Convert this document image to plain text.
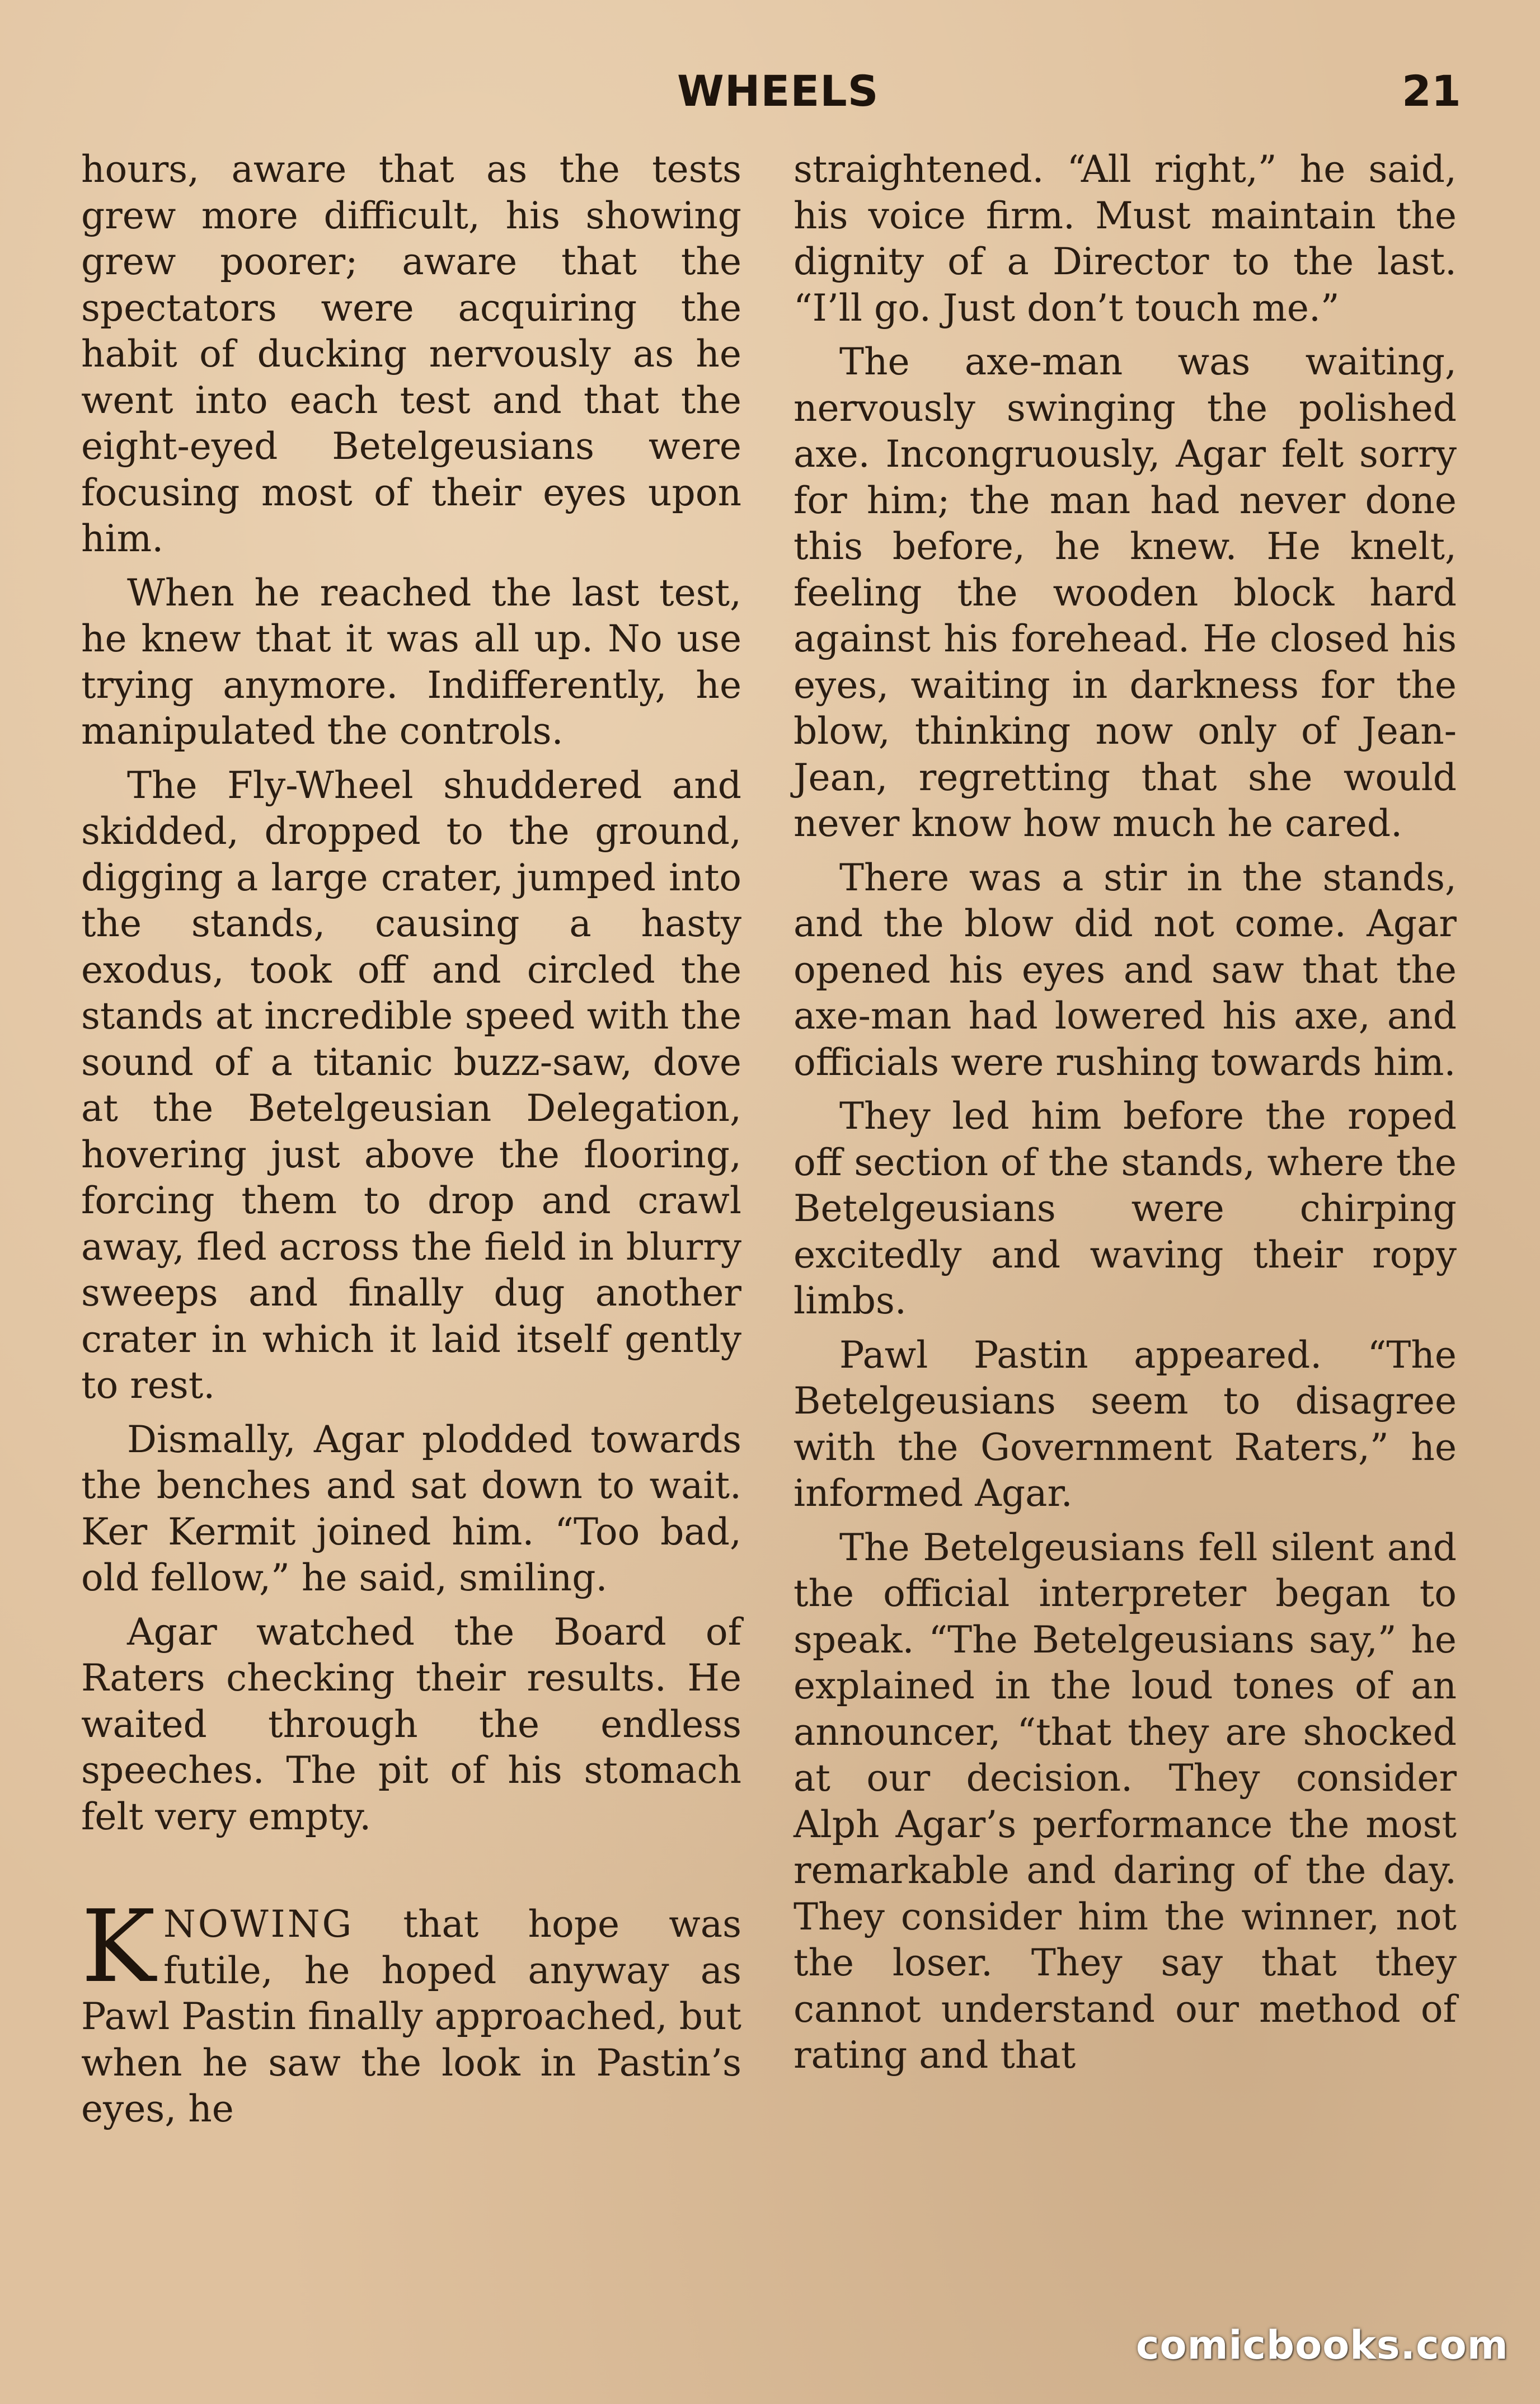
WHEELS	21

hours, aware that as the tests grew more difficult, his showing grew poorer; aware that the spectators were acquiring the habit of ducking nervously as he went into each test and that the eight-eyed Betelgeusians were focusing most of their eyes upon him.

When he reached the last test, he knew that it was all up. No use trying anymore. Indifferently, he manipulated the controls.

The Fly-Wheel shuddered and skidded, dropped to the ground, digging a large crater, jumped into the stands, causing a hasty exodus, took off and circled the stands at incredible speed with the sound of a titanic buzz-saw, dove at the Betelgeusian Delegation, hovering just above the flooring, forcing them to drop and crawl away, fled across the field in blurry sweeps and finally dug another crater in which it laid itself gently to rest.

Dismally, Agar plodded towards the benches and sat down to wait. Ker Kermit joined him. “Too bad, old fellow,” he said, smiling.

Agar watched the Board of Raters checking their results. He waited through the endless speeches. The pit of his stomach felt very empty.

KNOWING that hope was futile, he hoped anyway as Pawl Pastin finally approached, but when he saw the look in Pastin’s eyes, he

straightened. “All right,” he said, his voice firm. Must maintain the dignity of a Director to the last. “I’ll go. Just don’t touch me.”

The axe-man was waiting, nervously swinging the polished axe. Incongruously, Agar felt sorry for him; the man had never done this before, he knew. He knelt, feeling the wooden block hard against his forehead. He closed his eyes, waiting in darkness for the blow, thinking now only of Jean-Jean, regretting that she would never know how much he cared.

There was a stir in the stands, and the blow did not come. Agar opened his eyes and saw that the axe-man had lowered his axe, and officials were rushing towards him.

They led him before the roped off section of the stands, where the Betelgeusians were chirping excitedly and waving their ropy limbs.

Pawl Pastin appeared. “The Betelgeusians seem to disagree with the Government Raters,” he informed Agar.

The Betelgeusians fell silent and the official interpreter began to speak. “The Betelgeusians say,” he explained in the loud tones of an announcer, “that they are shocked at our decision. They consider Alph Agar’s performance the most remarkable and daring of the day. They consider him the winner, not the loser. They say that they cannot understand our method of rating and that

comicbooks.com
